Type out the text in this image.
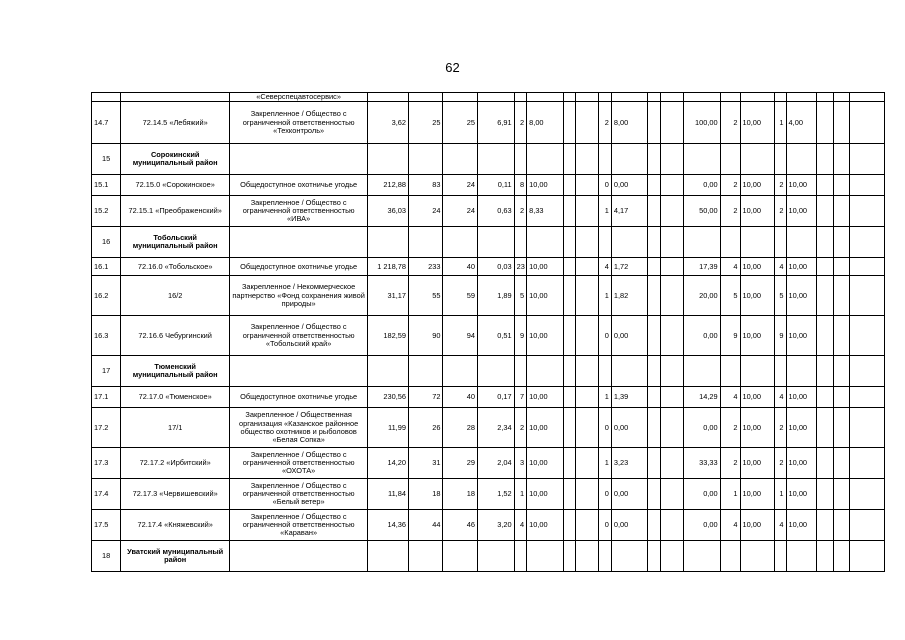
62
		«Северспецавтосервис»																				
14.7	72.14.5 «Лебяжий»	Закрепленное / Общество с ограниченной ответственностью «Техконтроль»	3,62	25	25	6,91	2	8,00			2	8,00			100,00	2	10,00	1	4,00			
15	Сорокинский муниципальный район																					
15.1	72.15.0 «Сорокинское»	Общедоступное охотничье угодье	212,88	83	24	0,11	8	10,00			0	0,00			0,00	2	10,00	2	10,00			
15.2	72.15.1 «Преображенский»	Закрепленное / Общество с ограниченной ответственностью «ИВА»	36,03	24	24	0,63	2	8,33			1	4,17			50,00	2	10,00	2	10,00			
16	Тобольский муниципальный район																					
16.1	72.16.0 «Тобольское»	Общедоступное охотничье угодье	1 218,78	233	40	0,03	23	10,00			4	1,72			17,39	4	10,00	4	10,00			
16.2	16/2	Закрепленное / Некоммерческое партнерство «Фонд сохранения живой природы»	31,17	55	59	1,89	5	10,00			1	1,82			20,00	5	10,00	5	10,00			
16.3	72.16.6 Чебургинский	Закрепленное / Общество с ограниченной ответственностью «Тобольский край»	182,59	90	94	0,51	9	10,00			0	0,00			0,00	9	10,00	9	10,00			
17	Тюменский муниципальный район																					
17.1	72.17.0 «Тюменское»	Общедоступное охотничье угодье	230,56	72	40	0,17	7	10,00			1	1,39			14,29	4	10,00	4	10,00			
17.2	17/1	Закрепленное / Общественная организация «Казанское районное общество охотников и рыболовов «Белая Сопка»	11,99	26	28	2,34	2	10,00			0	0,00			0,00	2	10,00	2	10,00			
17.3	72.17.2 «Ирбитский»	Закрепленное / Общество с ограниченной ответственностью «ОХОТА»	14,20	31	29	2,04	3	10,00			1	3,23			33,33	2	10,00	2	10,00			
17.4	72.17.3 «Червишевский»	Закрепленное / Общество с ограниченной ответственностью «Белый ветер»	11,84	18	18	1,52	1	10,00			0	0,00			0,00	1	10,00	1	10,00			
17.5	72.17.4 «Княжевский»	Закрепленное / Общество с ограниченной ответственностью «Караван»	14,36	44	46	3,20	4	10,00			0	0,00			0,00	4	10,00	4	10,00			
18	Уватский муниципальный район																					
